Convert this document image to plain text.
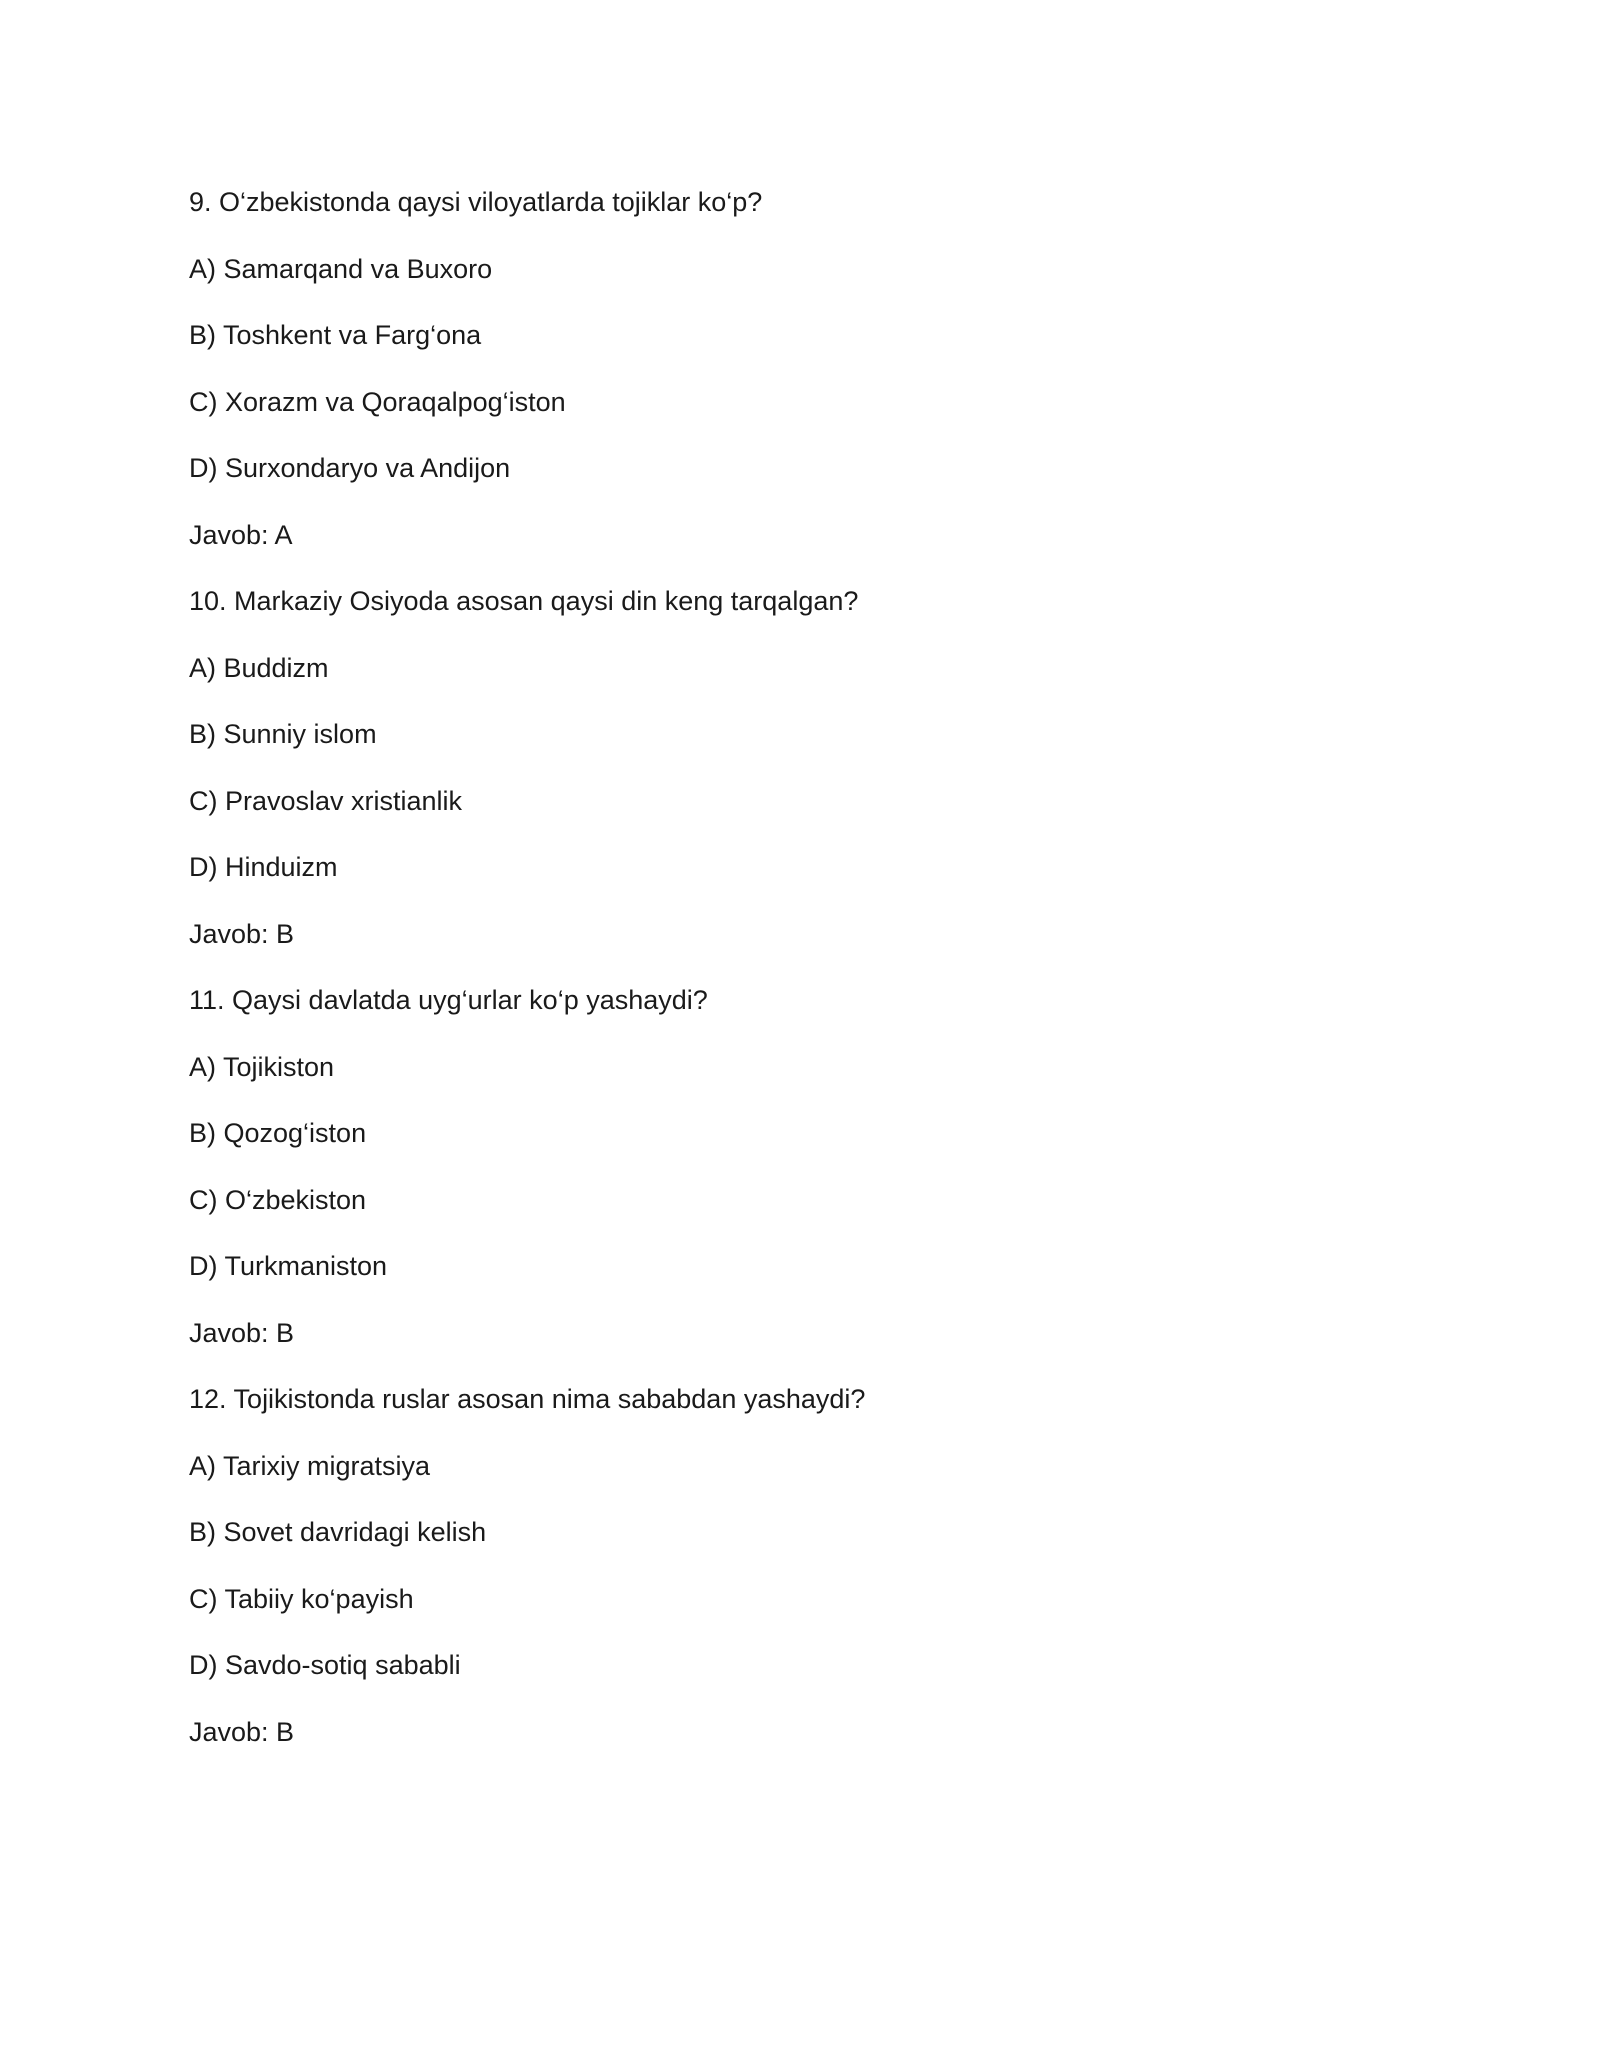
9. O‘zbekistonda qaysi viloyatlarda tojiklar ko‘p?
A) Samarqand va Buxoro
B) Toshkent va Farg‘ona
C) Xorazm va Qoraqalpog‘iston
D) Surxondaryo va Andijon
Javob: A
10. Markaziy Osiyoda asosan qaysi din keng tarqalgan?
A) Buddizm
B) Sunniy islom
C) Pravoslav xristianlik
D) Hinduizm
Javob: B
11. Qaysi davlatda uyg‘urlar ko‘p yashaydi?
A) Tojikiston
B) Qozog‘iston
C) O‘zbekiston
D) Turkmaniston
Javob: B
12. Tojikistonda ruslar asosan nima sababdan yashaydi?
A) Tarixiy migratsiya
B) Sovet davridagi kelish
C) Tabiiy ko‘payish
D) Savdo-sotiq sababli
Javob: B
